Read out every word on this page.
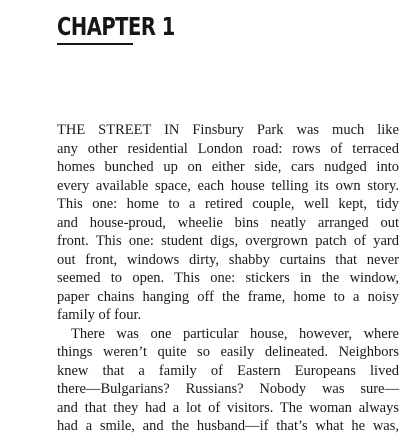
CHAPTER 1

THE STREET IN Finsbury Park was much like
any other residential London road: rows of terraced
homes bunched up on either side, cars nudged into
every available space, each house telling its own story.
This one: home to a retired couple, well kept, tidy
and house-proud, wheelie bins neatly arranged out
front. This one: student digs, overgrown patch of yard
out front, windows dirty, shabby curtains that never
seemed to open. This one: stickers in the window,
paper chains hanging off the frame, home to a noisy
family of four.

There was one particular house, however, where
things weren’t quite so easily delineated. Neighbors
knew that a family of Eastern Europeans lived
there—Bulgarians? Russians? Nobody was sure—
and that they had a lot of visitors. The woman always
had a smile, and the husband—if that’s what he was,
